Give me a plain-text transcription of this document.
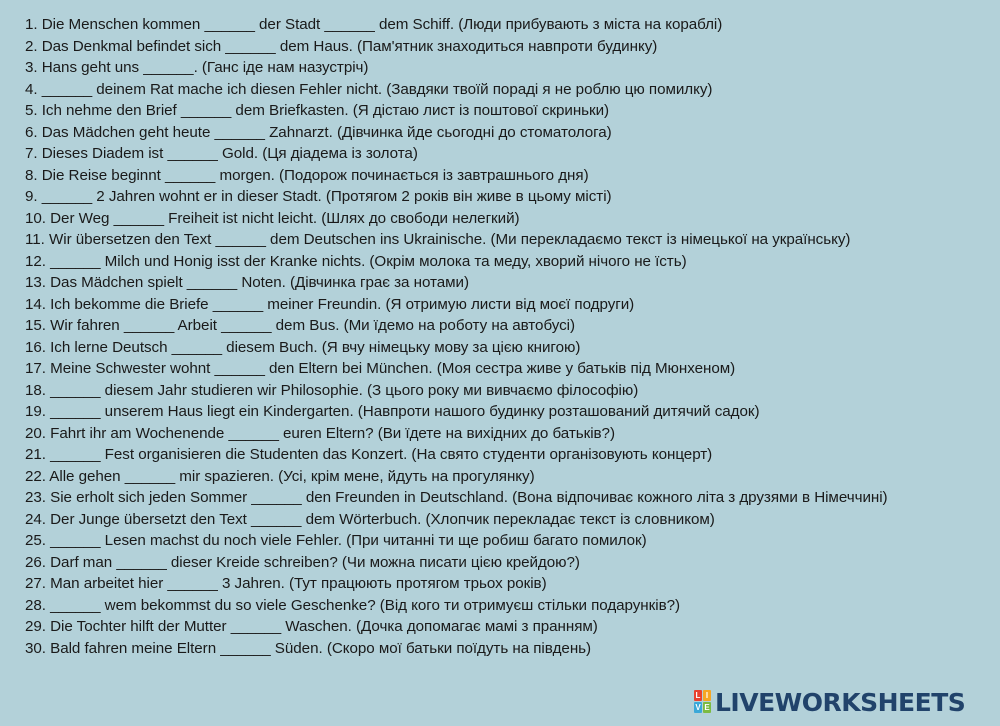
1. Die Menschen kommen ______ der Stadt ______ dem Schiff. (Люди прибувають з міста на кораблі)
2. Das Denkmal befindet sich ______ dem Haus. (Пам'ятник знаходиться навпроти будинку)
3. Hans geht uns ______. (Ганс іде нам назустріч)
4. ______ deinem Rat mache ich diesen Fehler nicht. (Завдяки твоїй пораді я не роблю цю помилку)
5. Ich nehme den Brief ______ dem Briefkasten. (Я дістаю лист із поштової скриньки)
6. Das Mädchen geht heute ______ Zahnarzt. (Дівчинка йде сьогодні до стоматолога)
7. Dieses Diadem ist ______ Gold. (Ця діадема із золота)
8. Die Reise beginnt ______ morgen. (Подорож починається із завтрашнього дня)
9. ______ 2 Jahren wohnt er in dieser Stadt. (Протягом 2 років він живе в цьому місті)
10. Der Weg ______ Freiheit ist nicht leicht. (Шлях до свободи нелегкий)
11. Wir übersetzen den Text ______ dem Deutschen ins Ukrainische. (Ми перекладаємо текст із німецької на українську)
12. ______ Milch und Honig isst der Kranke nichts. (Окрім молока та меду, хворий нічого не їсть)
13. Das Mädchen spielt ______ Noten. (Дівчинка грає за нотами)
14. Ich bekomme die Briefe ______ meiner Freundin. (Я отримую листи від моєї подруги)
15. Wir fahren ______ Arbeit ______ dem Bus. (Ми їдемо на роботу на автобусі)
16. Ich lerne Deutsch ______ diesem Buch. (Я вчу німецьку мову за цією книгою)
17. Meine Schwester wohnt ______ den Eltern bei München. (Моя сестра живе у батьків під Мюнхеном)
18. ______ diesem Jahr studieren wir Philosophie. (З цього року ми вивчаємо філософію)
19. ______ unserem Haus liegt ein Kindergarten. (Навпроти нашого будинку розташований дитячий садок)
20. Fahrt ihr am Wochenende ______ euren Eltern? (Ви їдете на вихідних до батьків?)
21. ______ Fest organisieren die Studenten das Konzert. (На свято студенти організовують концерт)
22. Alle gehen ______ mir spazieren. (Усі, крім мене, йдуть на прогулянку)
23. Sie erholt sich jeden Sommer ______ den Freunden in Deutschland. (Вона відпочиває кожного літа з друзями в Німеччині)
24. Der Junge übersetzt den Text ______ dem Wörterbuch. (Хлопчик перекладає текст із словником)
25. ______ Lesen machst du noch viele Fehler. (При читанні ти ще робиш багато помилок)
26. Darf man ______ dieser Kreide schreiben? (Чи можна писати цією крейдою?)
27. Man arbeitet hier ______ 3 Jahren. (Тут працюють протягом трьох років)
28. ______ wem bekommst du so viele Geschenke? (Від кого ти отримуєш стільки подарунків?)
29. Die Tochter hilft der Mutter ______ Waschen. (Дочка допомагає мамі з пранням)
30. Bald fahren meine Eltern ______ Süden. (Скоро мої батьки поїдуть на південь)
L I
V E LIVEWORKSHEETS
